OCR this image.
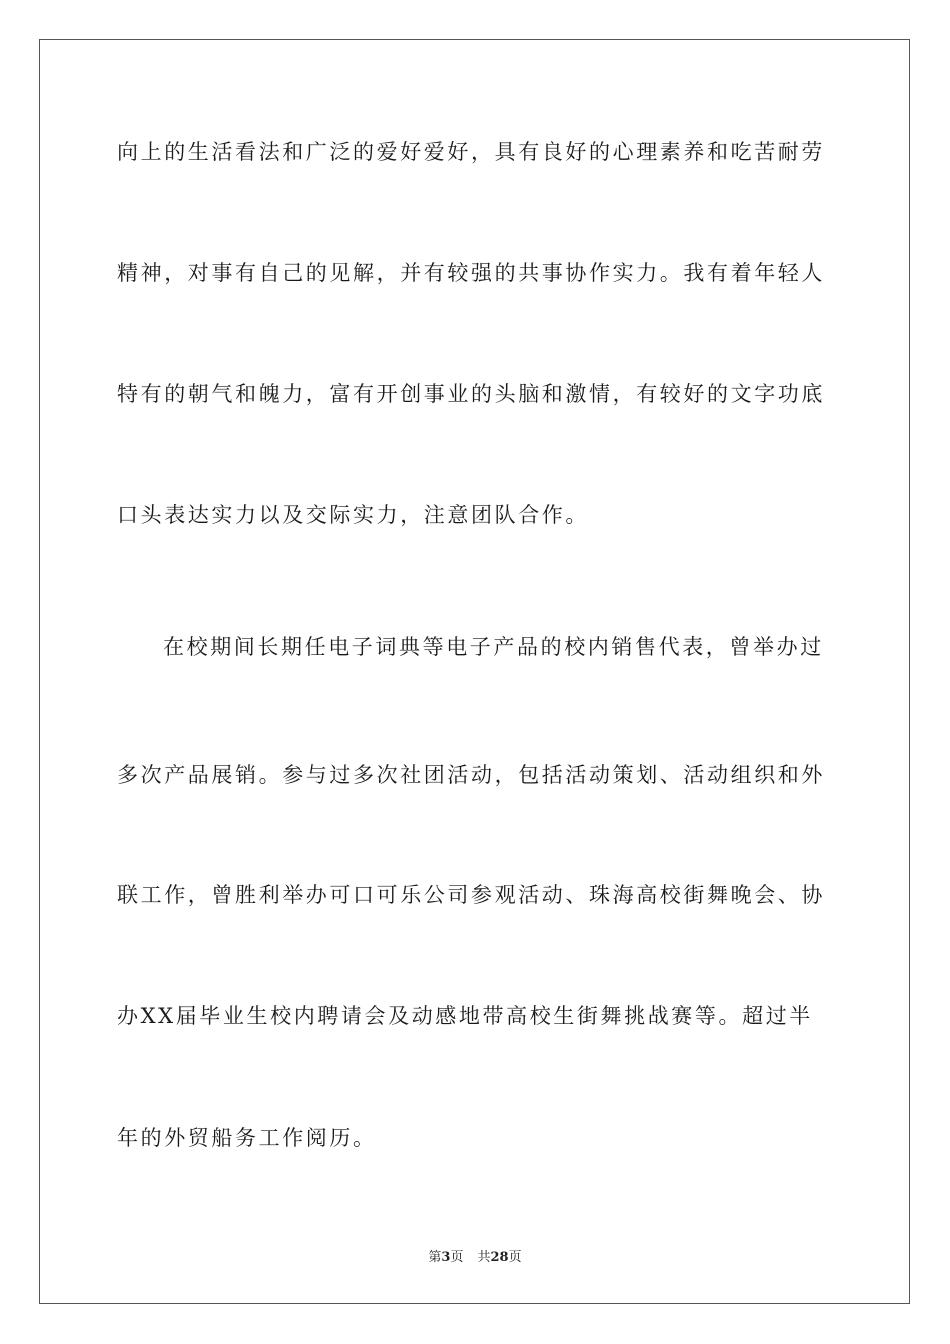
向上的生活看法和广泛的爱好爱好，具有良好的心理素养和吃苦耐劳
精神，对事有自己的见解，并有较强的共事协作实力。我有着年轻人
特有的朝气和魄力，富有开创事业的头脑和激情，有较好的文字功底
口头表达实力以及交际实力，注意团队合作。
在校期间长期任电子词典等电子产品的校内销售代表，曾举办过
多次产品展销。参与过多次社团活动，包括活动策划、活动组织和外
联工作，曾胜利举办可口可乐公司参观活动、珠海高校街舞晚会、协
办XX届毕业生校内聘请会及动感地带高校生街舞挑战赛等。超过半
年的外贸船务工作阅历。
第3页 共28页
